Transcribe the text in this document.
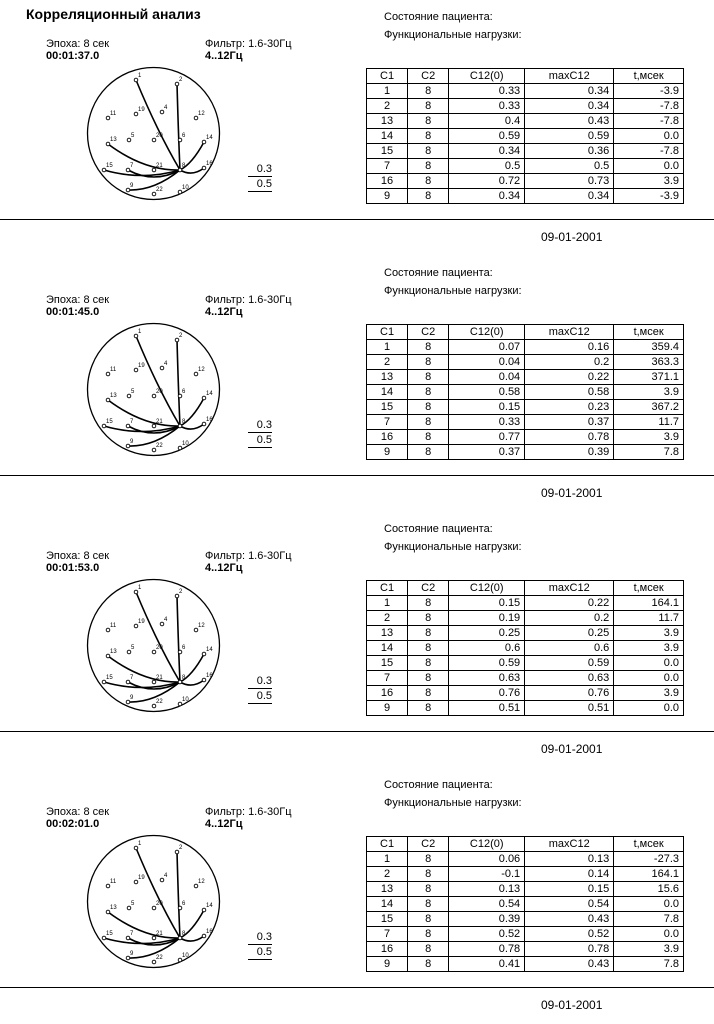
Корреляционный анализ	Состояние пациента:
Функциональные нагрузки:
Эпоха: 8 сек
00:01:37.0
Фильтр: 1.6-30Гц
4..12Гц
1
2
11
19	4
12
13
5	20	6	14
15	7	21	8	16
9
22	10
0.3
0.5
C1	C2	C12(0)	maxC12	t,мсек
1	8	0.33	0.34	-3.9
2	8	0.33	0.34	-7.8
13	8	0.4	0.43	-7.8
14	8	0.59	0.59	0.0
15	8	0.34	0.36	-7.8
7	8	0.5	0.5	0.0
16	8	0.72	0.73	3.9
9	8	0.34	0.34	-3.9
09-01-2001
Состояние пациента:
Функциональные нагрузки:
Эпоха: 8 сек
00:01:45.0
Фильтр: 1.6-30Гц
4..12Гц
1
2
11
19	4
12
13
5	20	6	14
15	7	21	8	16
9
22	10
0.3
0.5
C1	C2	C12(0)	maxC12	t,мсек
1	8	0.07	0.16	359.4
2	8	0.04	0.2	363.3
13	8	0.04	0.22	371.1
14	8	0.58	0.58	3.9
15	8	0.15	0.23	367.2
7	8	0.33	0.37	11.7
16	8	0.77	0.78	3.9
9	8	0.37	0.39	7.8
09-01-2001
Состояние пациента:
Функциональные нагрузки:
Эпоха: 8 сек
00:01:53.0
Фильтр: 1.6-30Гц
4..12Гц
1
2
11
19	4
12
13
5	20	6	14
15	7	21	8	16
9
22	10
0.3
0.5
C1	C2	C12(0)	maxC12	t,мсек
1	8	0.15	0.22	164.1
2	8	0.19	0.2	11.7
13	8	0.25	0.25	3.9
14	8	0.6	0.6	3.9
15	8	0.59	0.59	0.0
7	8	0.63	0.63	0.0
16	8	0.76	0.76	3.9
9	8	0.51	0.51	0.0
09-01-2001
Состояние пациента:
Функциональные нагрузки:
Эпоха: 8 сек
00:02:01.0
Фильтр: 1.6-30Гц
4..12Гц
1
2
11
19	4
12
13
5	20	6	14
15	7	21	8	16
9
22	10
0.3
0.5
C1	C2	C12(0)	maxC12	t,мсек
1	8	0.06	0.13	-27.3
2	8	-0.1	0.14	164.1
13	8	0.13	0.15	15.6
14	8	0.54	0.54	0.0
15	8	0.39	0.43	7.8
7	8	0.52	0.52	0.0
16	8	0.78	0.78	3.9
9	8	0.41	0.43	7.8
09-01-2001
